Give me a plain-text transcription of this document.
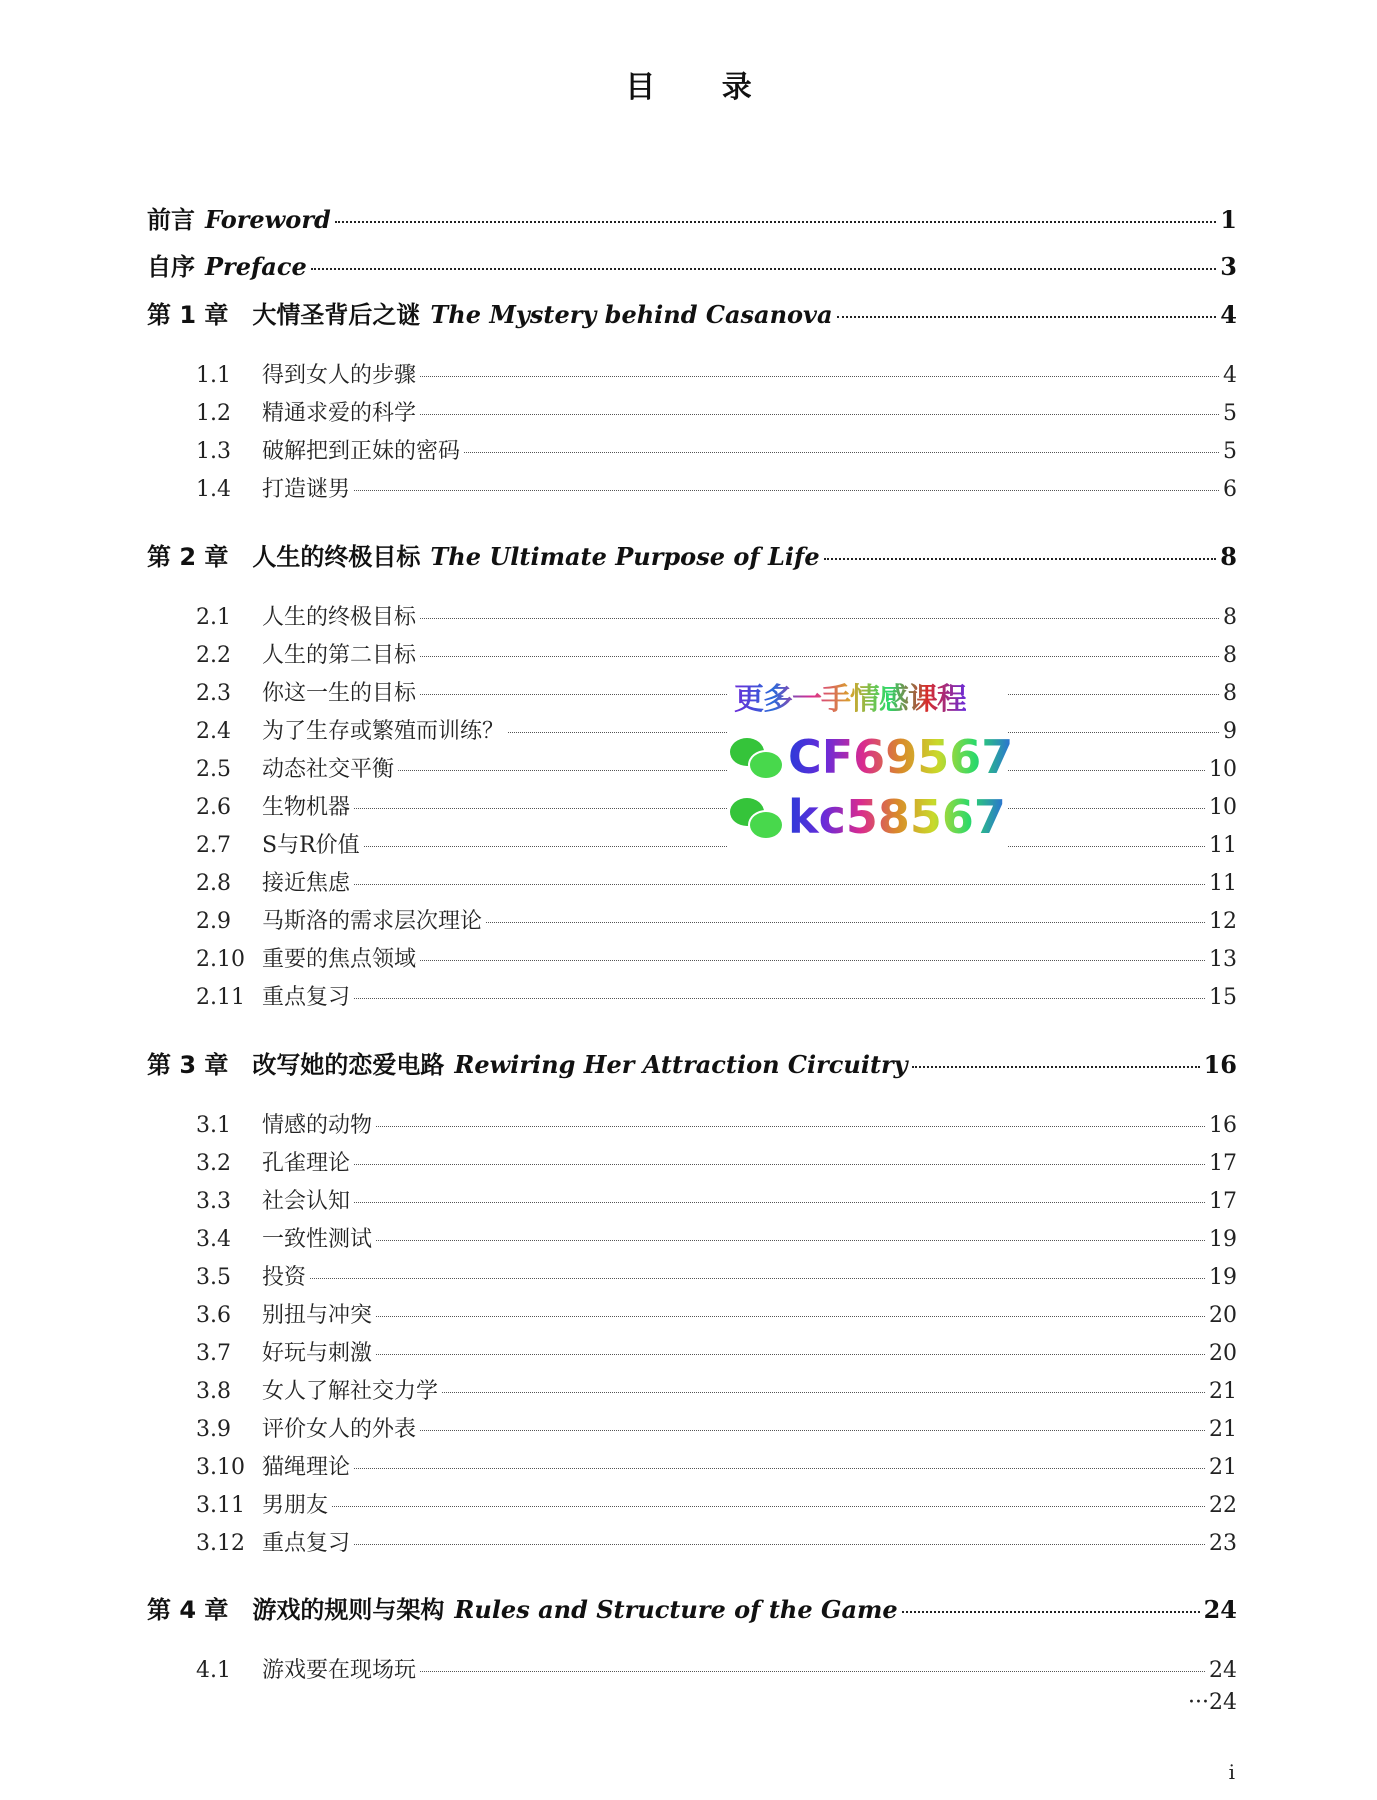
目 录
前言 Foreword	1
自序 Preface	3
第 1 章　大情圣背后之谜 The Mystery behind Casanova	4
1.1	得到女人的步骤	4
1.2	精通求爱的科学	5
1.3	破解把到正妹的密码	5
1.4	打造谜男	6
第 2 章　人生的终极目标 The Ultimate Purpose of Life	8
2.1	人生的终极目标	8
2.2	人生的第二目标	8
2.3	你这一生的目标	8
2.4	为了生存或繁殖而训练？	9
2.5	动态社交平衡	10
2.6	生物机器	10
2.7	S与R价值	11
2.8	接近焦虑	11
2.9	马斯洛的需求层次理论	12
2.10 重要的焦点领域	13
2.11 重点复习	15
第 3 章　改写她的恋爱电路 Rewiring Her Attraction Circuitry	16
3.1	情感的动物	16
3.2	孔雀理论	17
3.3	社会认知	17
3.4	一致性测试	19
3.5	投资	19
3.6	别扭与冲突	20
3.7	好玩与刺激	20
3.8	女人了解社交力学	21
3.9	评价女人的外表	21
3.10 猫绳理论	21
3.11 男朋友	22
3.12 重点复习	23
第 4 章　游戏的规则与架构 Rules and Structure of the Game	24
4.1	游戏要在现场玩	24
更多一手情感课程
CF69567
kc58567
···24
i
